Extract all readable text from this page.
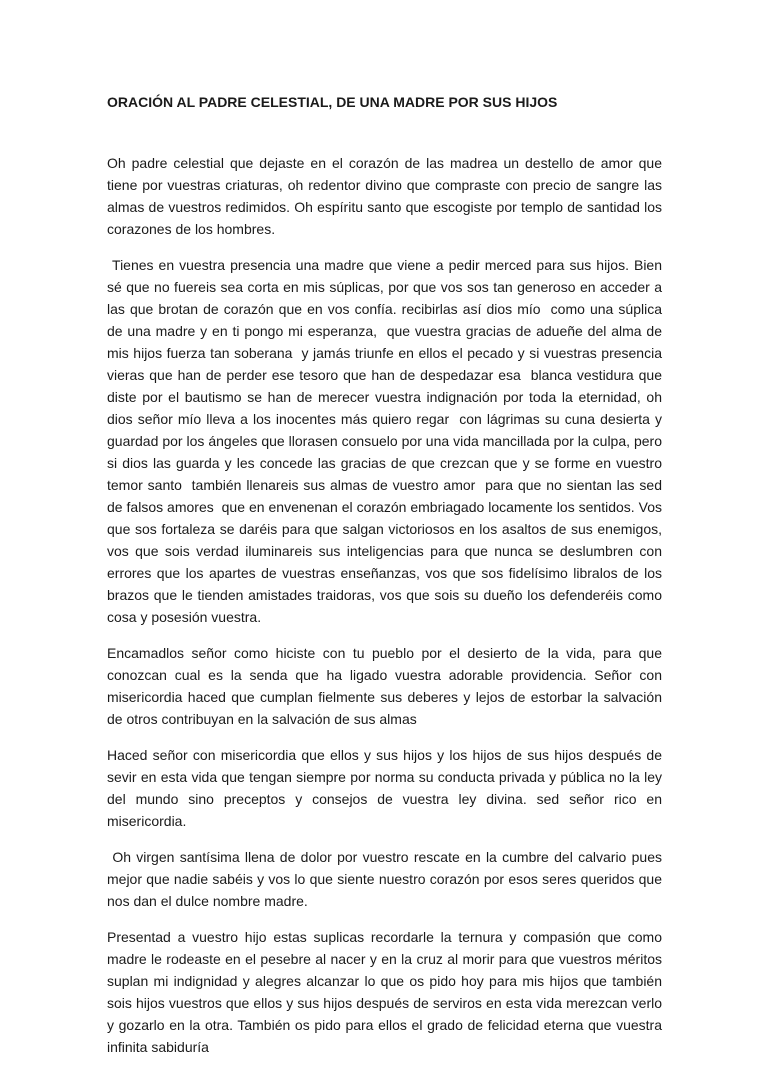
ORACIÓN AL PADRE CELESTIAL, DE UNA MADRE POR SUS HIJOS

Oh padre celestial que dejaste en el corazón de las madrea un destello de amor que tiene por vuestras criaturas, oh redentor divino que compraste con precio de sangre las almas de vuestros redimidos. Oh espíritu santo que escogiste por templo de santidad los corazones de los hombres.

Tienes en vuestra presencia una madre que viene a pedir merced para sus hijos. Bien sé que no fuereis sea corta en mis súplicas, por que vos sos tan generoso en acceder a las que brotan de corazón que en vos confía. recibirlas así dios mío  como una súplica de una madre y en ti pongo mi esperanza,  que vuestra gracias de adueñe del alma de mis hijos fuerza tan soberana  y jamás triunfe en ellos el pecado y si vuestras presencia  vieras que han de perder ese tesoro que han de despedazar esa  blanca vestidura que diste por el bautismo se han de merecer vuestra indignación por toda la eternidad, oh dios señor mío lleva a los inocentes más quiero regar  con lágrimas su cuna desierta y guardad por los ángeles que llorasen consuelo por una vida mancillada por la culpa, pero si dios las guarda y les concede las gracias de que crezcan que y se forme en vuestro temor santo  también llenareis sus almas de vuestro amor  para que no sientan las sed de falsos amores  que en envenenan el corazón embriagado locamente los sentidos. Vos que sos fortaleza se daréis para que salgan victoriosos en los asaltos de sus enemigos, vos que sois verdad iluminareis sus inteligencias para que nunca se deslumbren con errores que los apartes de vuestras enseñanzas, vos que sos fidelísimo libralos de los brazos que le tienden amistades traidoras, vos que sois su dueño los defenderéis como cosa y posesión vuestra.

Encamadlos señor como hiciste con tu pueblo por el desierto de la vida, para que conozcan cual es la senda que ha ligado vuestra adorable providencia. Señor con misericordia haced que cumplan fielmente sus deberes y lejos de estorbar la salvación de otros contribuyan en la salvación de sus almas

Haced señor con misericordia que ellos y sus hijos y los hijos de sus hijos después de sevir en esta vida que tengan siempre por norma su conducta privada y pública no la ley del mundo sino preceptos y consejos de vuestra ley divina. sed señor rico en misericordia.

Oh virgen santísima llena de dolor por vuestro rescate en la cumbre del calvario pues mejor que nadie sabéis y vos lo que siente nuestro corazón por esos seres queridos que nos dan el dulce nombre madre.

Presentad a vuestro hijo estas suplicas recordarle la ternura y compasión que como madre le rodeaste en el pesebre al nacer y en la cruz al morir para que vuestros méritos suplan mi indignidad y alegres alcanzar lo que os pido hoy para mis hijos que también sois hijos vuestros que ellos y sus hijos después de serviros en esta vida merezcan verlo y gozarlo en la otra. También os pido para ellos el grado de felicidad eterna que vuestra infinita sabiduría
